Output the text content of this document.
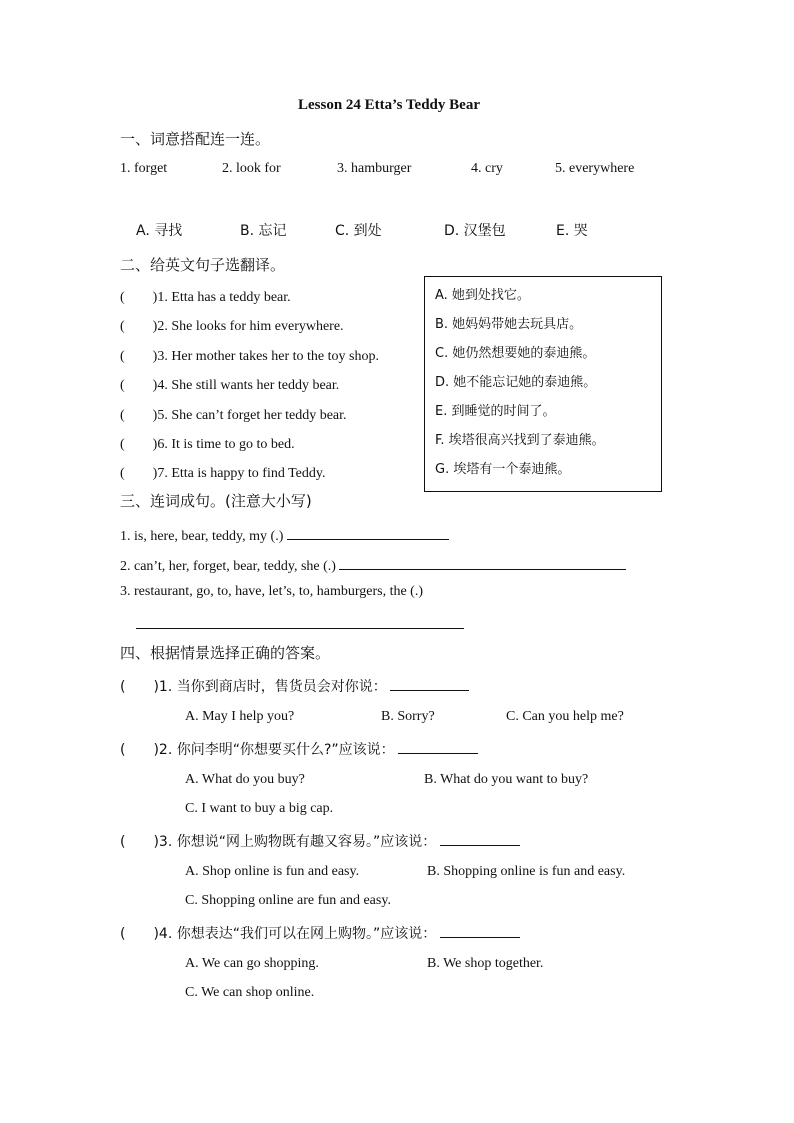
Lesson 24 Etta’s Teddy Bear
一、词意搭配连一连。
1. forget	2. look for	3. hamburger	4. cry	5. everywhere
A. 寻找	B. 忘记	C. 到处	D. 汉堡包	E. 哭
二、给英文句子选翻译。
(　　)1. Etta has a teddy bear.
(　　)2. She looks for him everywhere.
(　　)3. Her mother takes her to the toy shop.
(　　)4. She still wants her teddy bear.
(　　)5. She can’t forget her teddy bear.
(　　)6. It is time to go to bed.
(　　)7. Etta is happy to find Teddy.
A. 她到处找它。
B. 她妈妈带她去玩具店。
C. 她仍然想要她的泰迪熊。
D. 她不能忘记她的泰迪熊。
E. 到睡觉的时间了。
F. 埃塔很高兴找到了泰迪熊。
G. 埃塔有一个泰迪熊。
三、连词成句。(注意大小写)
1. is, here, bear, teddy, my (.)
2. can’t, her, forget, bear, teddy, she (.)
3. restaurant, go, to, have, let’s, to, hamburgers, the (.)
四、根据情景选择正确的答案。
(　　)1. 当你到商店时，售货员会对你说：
A. May I help you?	B. Sorry?	C. Can you help me?
(　　)2. 你问李明“你想要买什么?”应该说：
A. What do you buy?	B. What do you want to buy?
C. I want to buy a big cap.
(　　)3. 你想说“网上购物既有趣又容易。”应该说：
A. Shop online is fun and easy.	B. Shopping online is fun and easy.
C. Shopping online are fun and easy.
(　　)4. 你想表达“我们可以在网上购物。”应该说：
A. We can go shopping.	B. We shop together.
C. We can shop online.
